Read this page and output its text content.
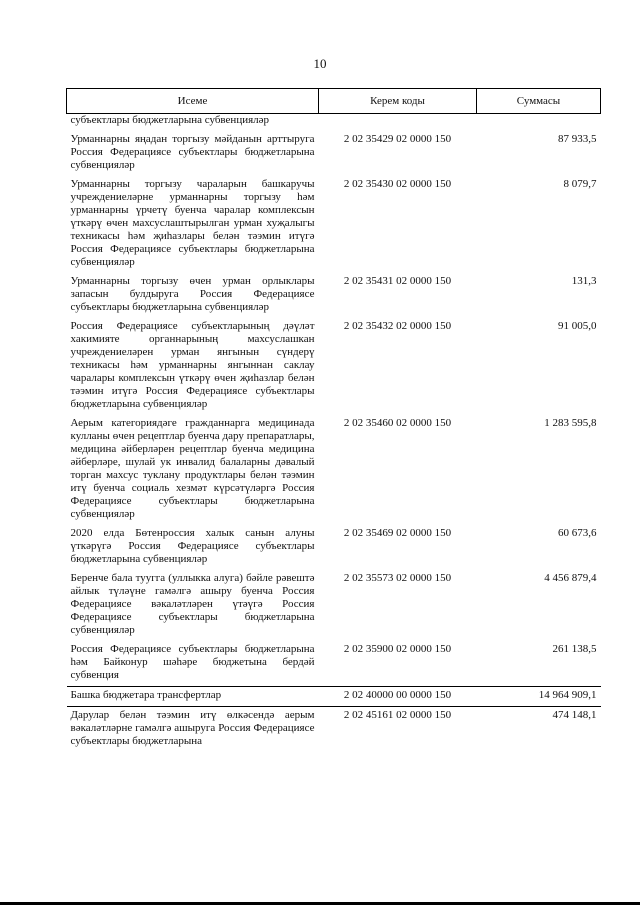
10
Исеме	Керем коды	Суммасы
субъектлары бюджетларына субвенцияләр		
Урманнарны яңадан торгызу мәйданын арттыруга Россия Федерациясе субъектлары бюджетларына субвенцияләр	2 02 35429 02 0000 150	87 933,5
Урманнарны торгызу чараларын башкаручы учреждениеләрне урманнарны торгызу һәм урманнарны үрчетү буенча чаралар комплексын үткәрү өчен махсуслаштырылган урман хуҗалыгы техникасы һәм җиһазлары белән тәэмин итүгә Россия Федерациясе субъектлары бюджетларына субвенцияләр	2 02 35430 02 0000 150	8 079,7
Урманнарны торгызу өчен урман орлыклары запасын булдыруга Россия Федерациясе субъектлары бюджетларына субвенцияләр	2 02 35431 02 0000 150	131,3
Россия Федерациясе субъектларының дәүләт хакимияте органнарының махсуслашкан учреждениеләрен урман янгынын сүндерү техникасы һәм урманнарны янгыннан саклау чаралары комплексын үткәрү өчен җиһазлар белән тәэмин итүгә Россия Федерациясе субъектлары бюджетларына субвенцияләр	2 02 35432 02 0000 150	91 005,0
Аерым категориядәге гражданнарга медицинада кулланы өчен рецептлар буенча дару препаратлары, медицина әйберләрен рецептлар буенча медицина әйберләре, шулай ук инвалид балаларны дәвалый торган махсус туклану продуктлары белән тәэмин итү буенча социаль хезмәт күрсәтүләргә Россия Федерациясе субъектлары бюджетларына субвенцияләр	2 02 35460 02 0000 150	1 283 595,8
2020 елда Бөтенроссия халык санын алуны үткәрүгә Россия Федерациясе субъектлары бюджетларына субвенцияләр	2 02 35469 02 0000 150	60 673,6
Беренче бала туугга (уллыкка алуга) бәйле рәвештә айлык түләүне гамәлгә ашыру буенча Россия Федерациясе вәкаләтләрен үтәүгә Россия Федерациясе субъектлары бюджетларына субвенцияләр	2 02 35573 02 0000 150	4 456 879,4
Россия Федерациясе субъектлары бюджетларына һәм Байконур шәһәре бюджетына бердәй субвенция	2 02 35900 02 0000 150	261 138,5
Башка бюджетара трансфертлар	2 02 40000 00 0000 150	14 964 909,1
Дарулар белән тәэмин итү өлкәсендә аерым вәкаләтләрне гамәлгә ашыруга Россия Федерациясе субъектлары бюджетларына	2 02 45161 02 0000 150	474 148,1
